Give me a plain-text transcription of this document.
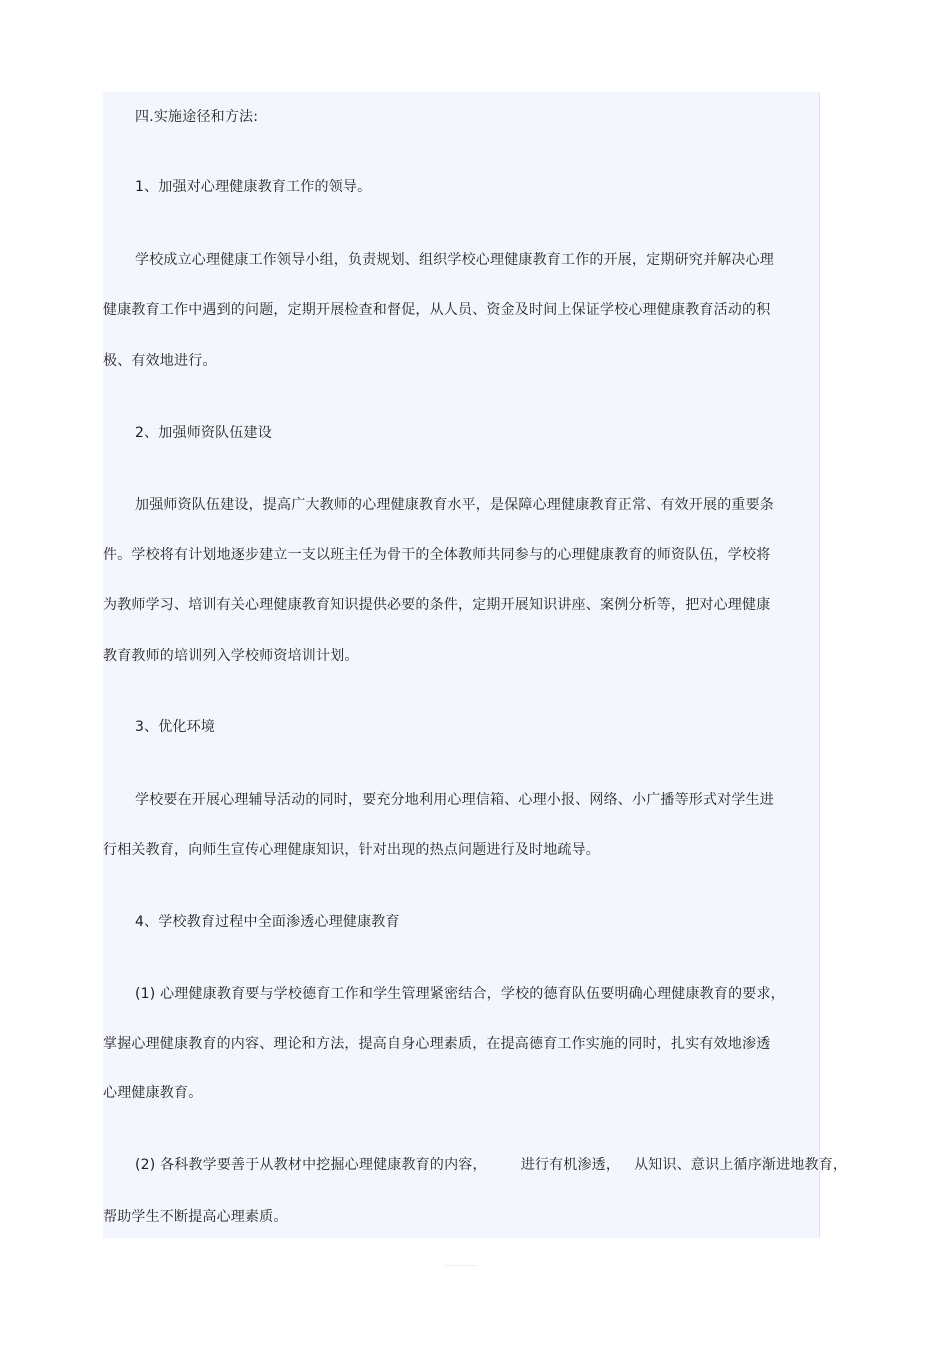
四.实施途径和方法:
1、加强对心理健康教育工作的领导。
学校成立心理健康工作领导小组，负责规划、组织学校心理健康教育工作的开展，定期研究并解决心理
健康教育工作中遇到的问题，定期开展检查和督促，从人员、资金及时间上保证学校心理健康教育活动的积
极、有效地进行。
2、加强师资队伍建设
加强师资队伍建设，提高广大教师的心理健康教育水平，是保障心理健康教育正常、有效开展的重要条
件。学校将有计划地逐步建立一支以班主任为骨干的全体教师共同参与的心理健康教育的师资队伍，学校将
为教师学习、培训有关心理健康教育知识提供必要的条件，定期开展知识讲座、案例分析等，把对心理健康
教育教师的培训列入学校师资培训计划。
3、优化环境
学校要在开展心理辅导活动的同时，要充分地利用心理信箱、心理小报、网络、小广播等形式对学生进
行相关教育，向师生宣传心理健康知识，针对出现的热点问题进行及时地疏导。
4、学校教育过程中全面渗透心理健康教育
(1) 心理健康教育要与学校德育工作和学生管理紧密结合，学校的德育队伍要明确心理健康教育的要求，
掌握心理健康教育的内容、理论和方法，提高自身心理素质，在提高德育工作实施的同时，扎实有效地渗透
心理健康教育。
(2) 各科教学要善于从教材中挖掘心理健康教育的内容， 进行有机渗透， 从知识、意识上循序渐进地教育，
帮助学生不断提高心理素质。
